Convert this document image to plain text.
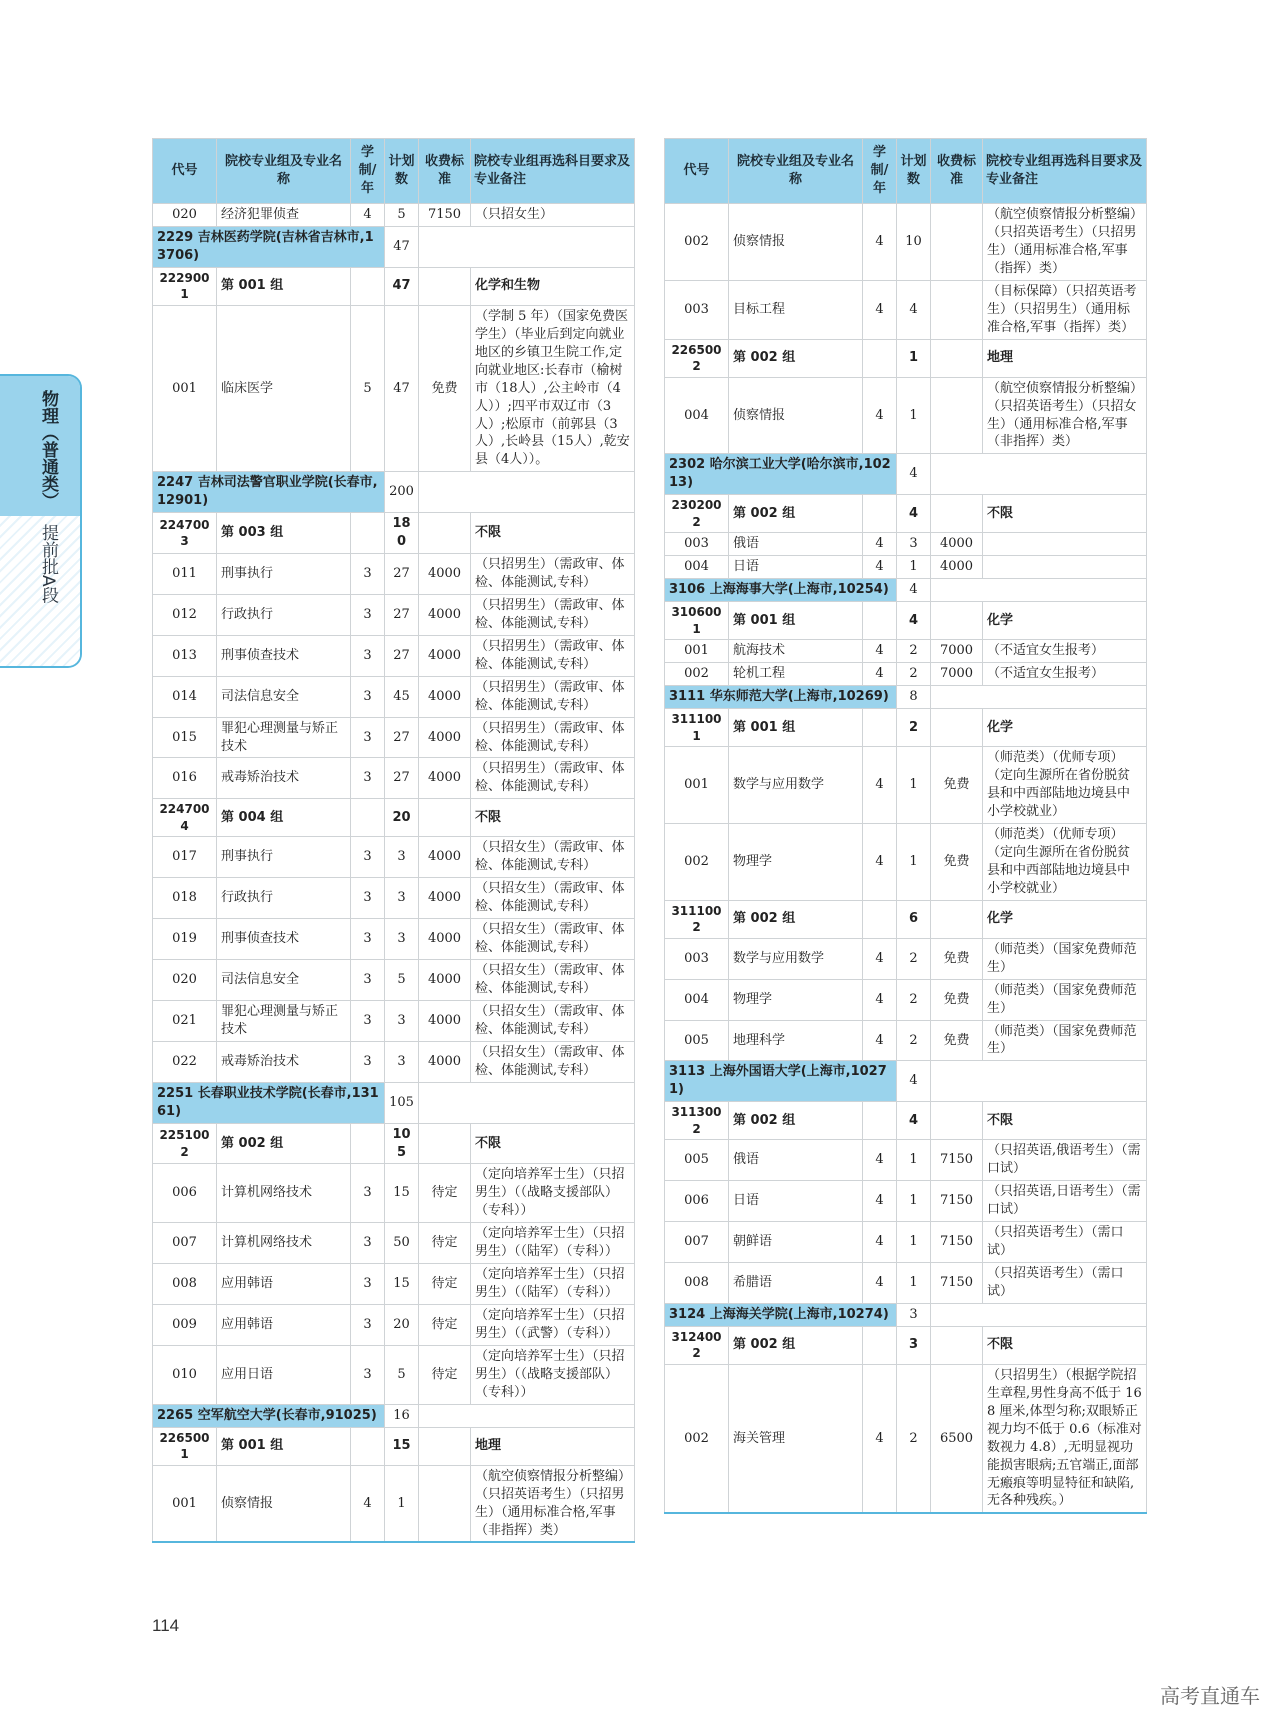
物理（普通类）
提前批A段
代号	院校专业组及专业名称	学制/年	计划数	收费标准	院校专业组再选科目要求及专业备注
020	经济犯罪侦查	4	5	7150	（只招女生）
2229 吉林医药学院(吉林省吉林市,13706)			47		
2229001	第 001 组		47		化学和生物
001	临床医学	5	47	免费	（学制 5 年）（国家免费医学生）（毕业后到定向就业地区的乡镇卫生院工作,定向就业地区:长春市（榆树市（18人）,公主岭市（4人））;四平市双辽市（3人）;松原市（前郭县（3人）,长岭县（15人）,乾安县（4人））。
2247 吉林司法警官职业学院(长春市,12901)			200		
2247003	第 003 组		180		不限
011	刑事执行	3	27	4000	（只招男生）（需政审、体检、体能测试,专科）
012	行政执行	3	27	4000	（只招男生）（需政审、体检、体能测试,专科）
013	刑事侦查技术	3	27	4000	（只招男生）（需政审、体检、体能测试,专科）
014	司法信息安全	3	45	4000	（只招男生）（需政审、体检、体能测试,专科）
015	罪犯心理测量与矫正技术	3	27	4000	（只招男生）（需政审、体检、体能测试,专科）
016	戒毒矫治技术	3	27	4000	（只招男生）（需政审、体检、体能测试,专科）
2247004	第 004 组		20		不限
017	刑事执行	3	3	4000	（只招女生）（需政审、体检、体能测试,专科）
018	行政执行	3	3	4000	（只招女生）（需政审、体检、体能测试,专科）
019	刑事侦查技术	3	3	4000	（只招女生）（需政审、体检、体能测试,专科）
020	司法信息安全	3	5	4000	（只招女生）（需政审、体检、体能测试,专科）
021	罪犯心理测量与矫正技术	3	3	4000	（只招女生）（需政审、体检、体能测试,专科）
022	戒毒矫治技术	3	3	4000	（只招女生）（需政审、体检、体能测试,专科）
2251 长春职业技术学院(长春市,13161)			105		
2251002	第 002 组		105		不限
006	计算机网络技术	3	15	待定	（定向培养军士生）（只招男生）（（战略支援部队）（专科））
007	计算机网络技术	3	50	待定	（定向培养军士生）（只招男生）（（陆军）（专科））
008	应用韩语	3	15	待定	（定向培养军士生）（只招男生）（（陆军）（专科））
009	应用韩语	3	20	待定	（定向培养军士生）（只招男生）（（武警）（专科））
010	应用日语	3	5	待定	（定向培养军士生）（只招男生）（（战略支援部队）（专科））
2265 空军航空大学(长春市,91025)			16		
2265001	第 001 组		15		地理
001	侦察情报	4	1		（航空侦察情报分析整编）（只招英语考生）（只招男生）（通用标准合格,军事（非指挥）类）
代号	院校专业组及专业名称	学制/年	计划数	收费标准	院校专业组再选科目要求及专业备注
002	侦察情报	4	10		（航空侦察情报分析整编）（只招英语考生）（只招男生）（通用标准合格,军事（指挥）类）
003	目标工程	4	4		（目标保障）（只招英语考生）（只招男生）（通用标准合格,军事（指挥）类）
2265002	第 002 组		1		地理
004	侦察情报	4	1		（航空侦察情报分析整编）（只招英语考生）（只招女生）（通用标准合格,军事（非指挥）类）
2302 哈尔滨工业大学(哈尔滨市,10213)			4		
2302002	第 002 组		4		不限
003	俄语	4	3	4000	
004	日语	4	1	4000	
3106 上海海事大学(上海市,10254)			4		
3106001	第 001 组		4		化学
001	航海技术	4	2	7000	（不适宜女生报考）
002	轮机工程	4	2	7000	（不适宜女生报考）
3111 华东师范大学(上海市,10269)			8		
3111001	第 001 组		2		化学
001	数学与应用数学	4	1	免费	（师范类）（优师专项）（定向生源所在省份脱贫县和中西部陆地边境县中小学校就业）
002	物理学	4	1	免费	（师范类）（优师专项）（定向生源所在省份脱贫县和中西部陆地边境县中小学校就业）
3111002	第 002 组		6		化学
003	数学与应用数学	4	2	免费	（师范类）（国家免费师范生）
004	物理学	4	2	免费	（师范类）（国家免费师范生）
005	地理科学	4	2	免费	（师范类）（国家免费师范生）
3113 上海外国语大学(上海市,10271)			4		
3113002	第 002 组		4		不限
005	俄语	4	1	7150	（只招英语,俄语考生）（需口试）
006	日语	4	1	7150	（只招英语,日语考生）（需口试）
007	朝鲜语	4	1	7150	（只招英语考生）（需口试）
008	希腊语	4	1	7150	（只招英语考生）（需口试）
3124 上海海关学院(上海市,10274)			3		
3124002	第 002 组		3		不限
002	海关管理	4	2	6500	（只招男生）（根据学院招生章程,男性身高不低于 168 厘米,体型匀称;双眼矫正视力均不低于 0.6（标准对数视力 4.8）,无明显视功能损害眼病;五官端正,面部无瘢痕等明显特征和缺陷,无各种残疾。）
114
高考直通车
